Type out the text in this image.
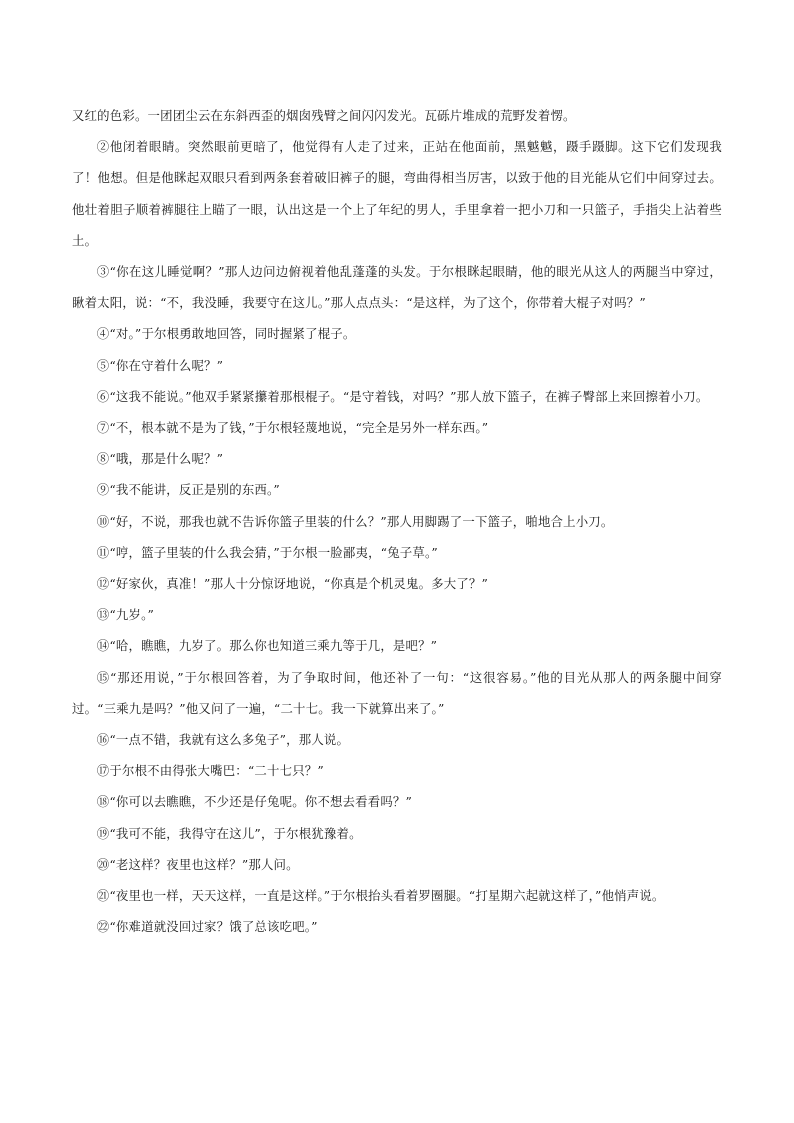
又红的色彩。一团团尘云在东斜西歪的烟囱残臂之间闪闪发光。瓦砾片堆成的荒野发着愣。

②他闭着眼睛。突然眼前更暗了，他觉得有人走了过来，正站在他面前，黑魆魆，蹑手蹑脚。这下它们发现我了！他想。但是他眯起双眼只看到两条套着破旧裤子的腿，弯曲得相当厉害，以致于他的目光能从它们中间穿过去。他壮着胆子顺着裤腿往上瞄了一眼，认出这是一个上了年纪的男人，手里拿着一把小刀和一只篮子，手指尖上沾着些土。

③“你在这儿睡觉啊？”那人边问边俯视着他乱蓬蓬的头发。于尔根眯起眼睛，他的眼光从这人的两腿当中穿过，瞅着太阳，说：“不，我没睡，我要守在这儿。”那人点点头：“是这样，为了这个，你带着大棍子对吗？”

④“对。”于尔根勇敢地回答，同时握紧了棍子。

⑤“你在守着什么呢？”

⑥“这我不能说。”他双手紧紧攥着那根棍子。“是守着钱，对吗？”那人放下篮子，在裤子臀部上来回擦着小刀。

⑦“不，根本就不是为了钱，”于尔根轻蔑地说，“完全是另外一样东西。”

⑧“哦，那是什么呢？”

⑨“我不能讲，反正是别的东西。”

⑩“好，不说，那我也就不告诉你篮子里装的什么？”那人用脚踢了一下篮子，啪地合上小刀。

⑪“哼，篮子里装的什么我会猜，”于尔根一脸鄙夷，“兔子草。”

⑫“好家伙，真准！”那人十分惊讶地说，“你真是个机灵鬼。多大了？”

⑬“九岁。”

⑭“哈，瞧瞧，九岁了。那么你也知道三乘九等于几，是吧？”

⑮“那还用说，”于尔根回答着，为了争取时间，他还补了一句：“这很容易。”他的目光从那人的两条腿中间穿过。“三乘九是吗？”他又问了一遍，“二十七。我一下就算出来了。”

⑯“一点不错，我就有这么多兔子”，那人说。

⑰于尔根不由得张大嘴巴：“二十七只？”

⑱“你可以去瞧瞧，不少还是仔兔呢。你不想去看看吗？”

⑲“我可不能，我得守在这儿”，于尔根犹豫着。

⑳“老这样？夜里也这样？”那人问。

㉑“夜里也一样，天天这样，一直是这样。”于尔根抬头看着罗圈腿。“打星期六起就这样了，”他悄声说。

㉒“你难道就没回过家？饿了总该吃吧。”
